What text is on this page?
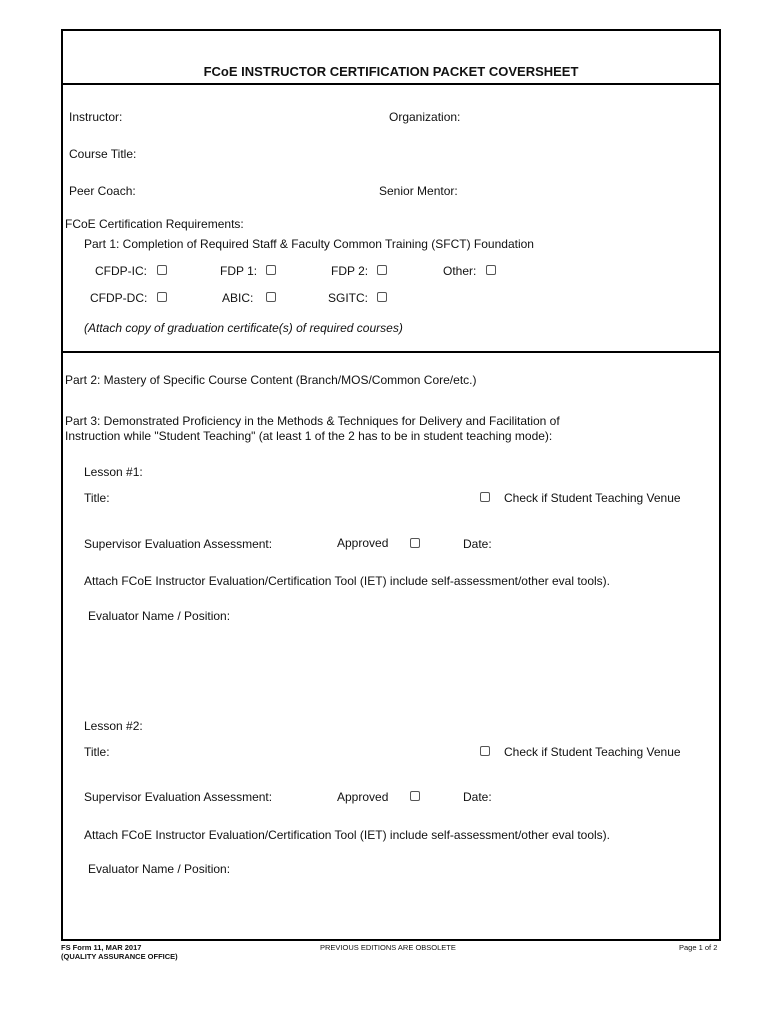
FCoE INSTRUCTOR CERTIFICATION PACKET COVERSHEET
Instructor:	Organization:
Course Title:
Peer Coach:	Senior Mentor:
FCoE Certification Requirements:
Part 1: Completion of Required Staff & Faculty Common Training (SFCT) Foundation
CFDP-IC:	FDP 1:	FDP 2:	Other:
CFDP-DC:	ABIC:	SGITC:
(Attach copy of graduation certificate(s) of required courses)
Part 2: Mastery of Specific Course Content (Branch/MOS/Common Core/etc.)
Part 3: Demonstrated Proficiency in the Methods & Techniques for Delivery and Facilitation of
Instruction while "Student Teaching" (at least 1 of the 2 has to be in student teaching mode):
Lesson #1:
Title:	Check if Student Teaching Venue
Supervisor Evaluation Assessment:	Approved	Date:
Attach FCoE Instructor Evaluation/Certification Tool (IET) include self-assessment/other eval tools).
Evaluator Name / Position:
Lesson #2:
Title:	Check if Student Teaching Venue
Supervisor Evaluation Assessment:	Approved	Date:
Attach FCoE Instructor Evaluation/Certification Tool (IET) include self-assessment/other eval tools).
Evaluator Name / Position:
FS Form 11, MAR 2017
(QUALITY ASSURANCE OFFICE)
PREVIOUS EDITIONS ARE OBSOLETE	Page 1 of 2
